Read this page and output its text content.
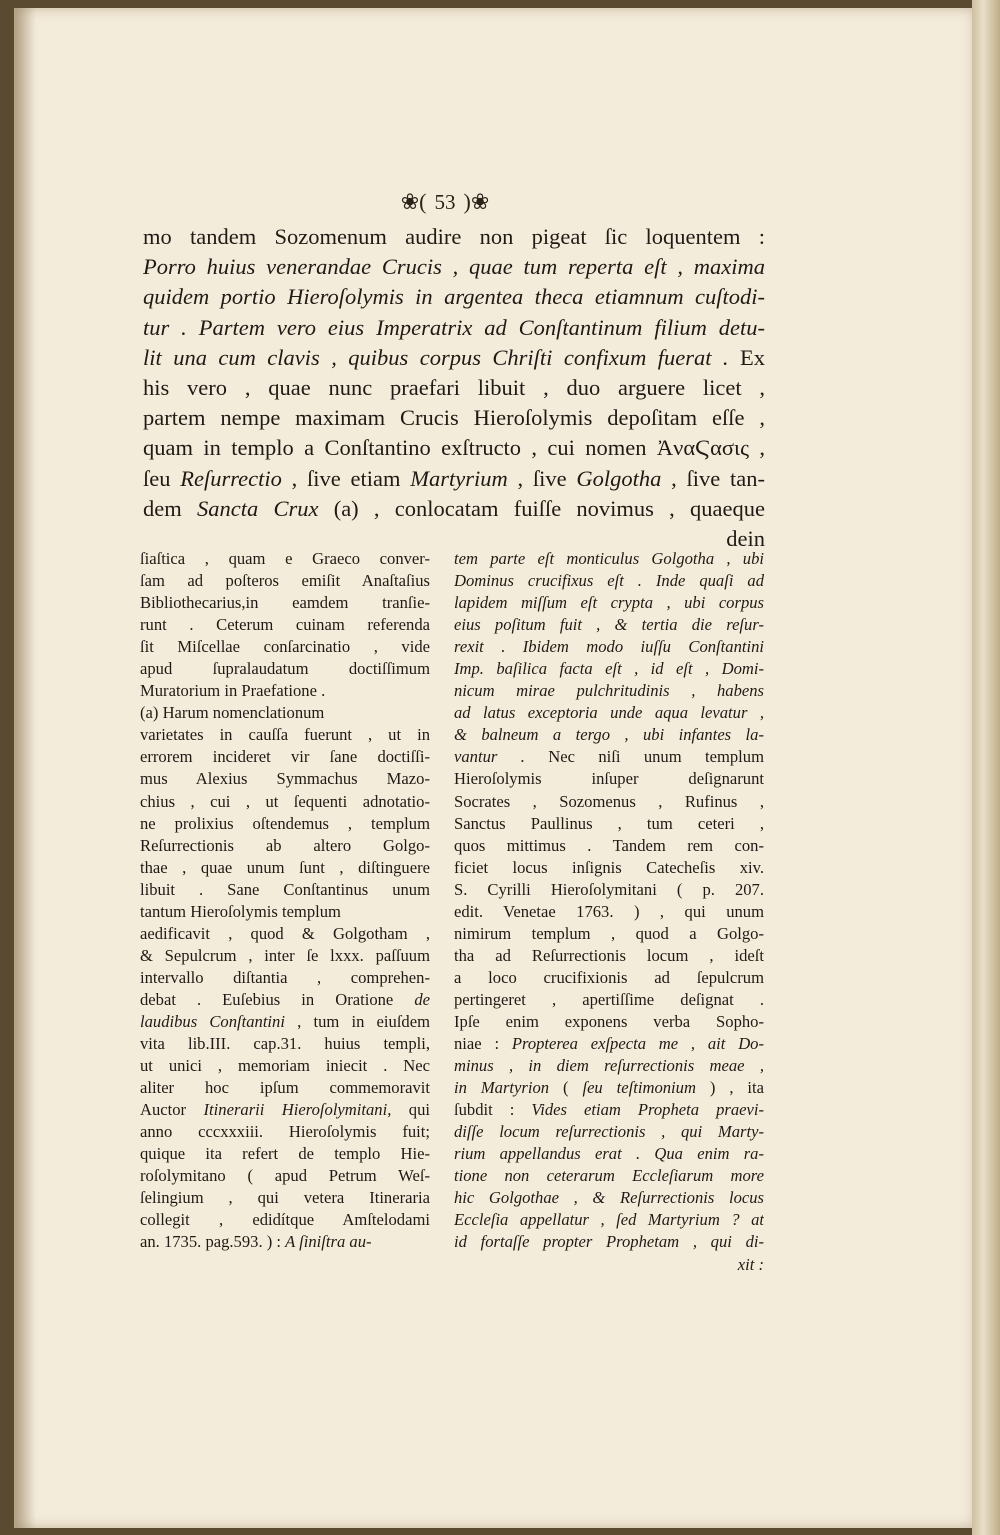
❀( 53 )❀
mo tandem Sozomenum audire non pigeat ſic loquentem :
Porro huius venerandae Crucis , quae tum reperta eſt , maxima
quidem portio Hieroſolymis in argentea theca etiamnum cuſtodi-
tur . Partem vero eius Imperatrix ad Conſtantinum filium detu-
lit una cum clavis , quibus corpus Chriſti confixum fuerat . Ex
his vero , quae nunc praefari libuit , duo arguere licet ,
partem nempe maximam Crucis Hieroſolymis depoſitam eſſe ,
quam in templo a Conſtantino exſtructo , cui nomen ἈναϚασις ,
ſeu Reſurrectio , ſive etiam Martyrium , ſive Golgotha , ſive tan-
dem Sancta Crux (a) , conlocatam fuiſſe novimus , quaeque
dein
ſiaſtica , quam e Graeco conver-
ſam ad poſteros emiſit Anaſtaſius
Bibliothecarius,in eamdem tranſie-
runt . Ceterum cuinam referenda
ſit Miſcellae conſarcinatio , vide
apud ſupralaudatum doctiſſimum
Muratorium in Praefatione .
(a) Harum nomenclationum
varietates in cauſſa fuerunt , ut in
errorem incideret vir ſane doctiſſi-
mus Alexius Symmachus Mazo-
chius , cui , ut ſequenti adnotatio-
ne prolixius oſtendemus , templum
Reſurrectionis ab altero Golgo-
thae , quae unum ſunt , diſtinguere
libuit . Sane Conſtantinus unum
tantum Hieroſolymis templum
aedificavit , quod & Golgotham ,
& Sepulcrum , inter ſe lxxx. paſſuum
intervallo diſtantia , comprehen-
debat . Euſebius in Oratione de
laudibus Conſtantini , tum in eiuſdem
vita lib.III. cap.31. huius templi,
ut unici , memoriam iniecit . Nec
aliter hoc ipſum commemoravit
Auctor Itinerarii Hieroſolymitani, qui
anno cccxxxiii. Hieroſolymis fuit;
quique ita refert de templo Hie-
roſolymitano ( apud Petrum Weſ-
ſelingium , qui vetera Itineraria
collegit , edidítque Amſtelodami
an. 1735. pag.593. ) : A ſiniſtra au-
tem parte eſt monticulus Golgotha , ubi
Dominus crucifixus eſt . Inde quaſi ad
lapidem miſſum eſt crypta , ubi corpus
eius poſitum fuit , & tertia die reſur-
rexit . Ibidem modo iuſſu Conſtantini
Imp. baſilica facta eſt , id eſt , Domi-
nicum mirae pulchritudinis , habens
ad latus exceptoria unde aqua levatur ,
& balneum a tergo , ubi infantes la-
vantur . Nec niſi unum templum
Hieroſolymis inſuper deſignarunt
Socrates , Sozomenus , Rufinus ,
Sanctus Paullinus , tum ceteri ,
quos mittimus . Tandem rem con-
ficiet locus inſignis Catecheſis xiv.
S. Cyrilli Hieroſolymitani ( p. 207.
edit. Venetae 1763. ) , qui unum
nimirum templum , quod a Golgo-
tha ad Reſurrectionis locum , ideſt
a loco crucifixionis ad ſepulcrum
pertingeret , apertiſſime deſignat .
Ipſe enim exponens verba Sopho-
niae : Propterea exſpecta me , ait Do-
minus , in diem reſurrectionis meae ,
in Martyrion ( ſeu teſtimonium ) , ita
ſubdit : Vides etiam Propheta praevi-
diſſe locum reſurrectionis , qui Marty-
rium appellandus erat . Qua enim ra-
tione non ceterarum Eccleſiarum more
hic Golgothae , & Reſurrectionis locus
Eccleſia appellatur , ſed Martyrium ? at
id fortaſſe propter Prophetam , qui di-
xit :
